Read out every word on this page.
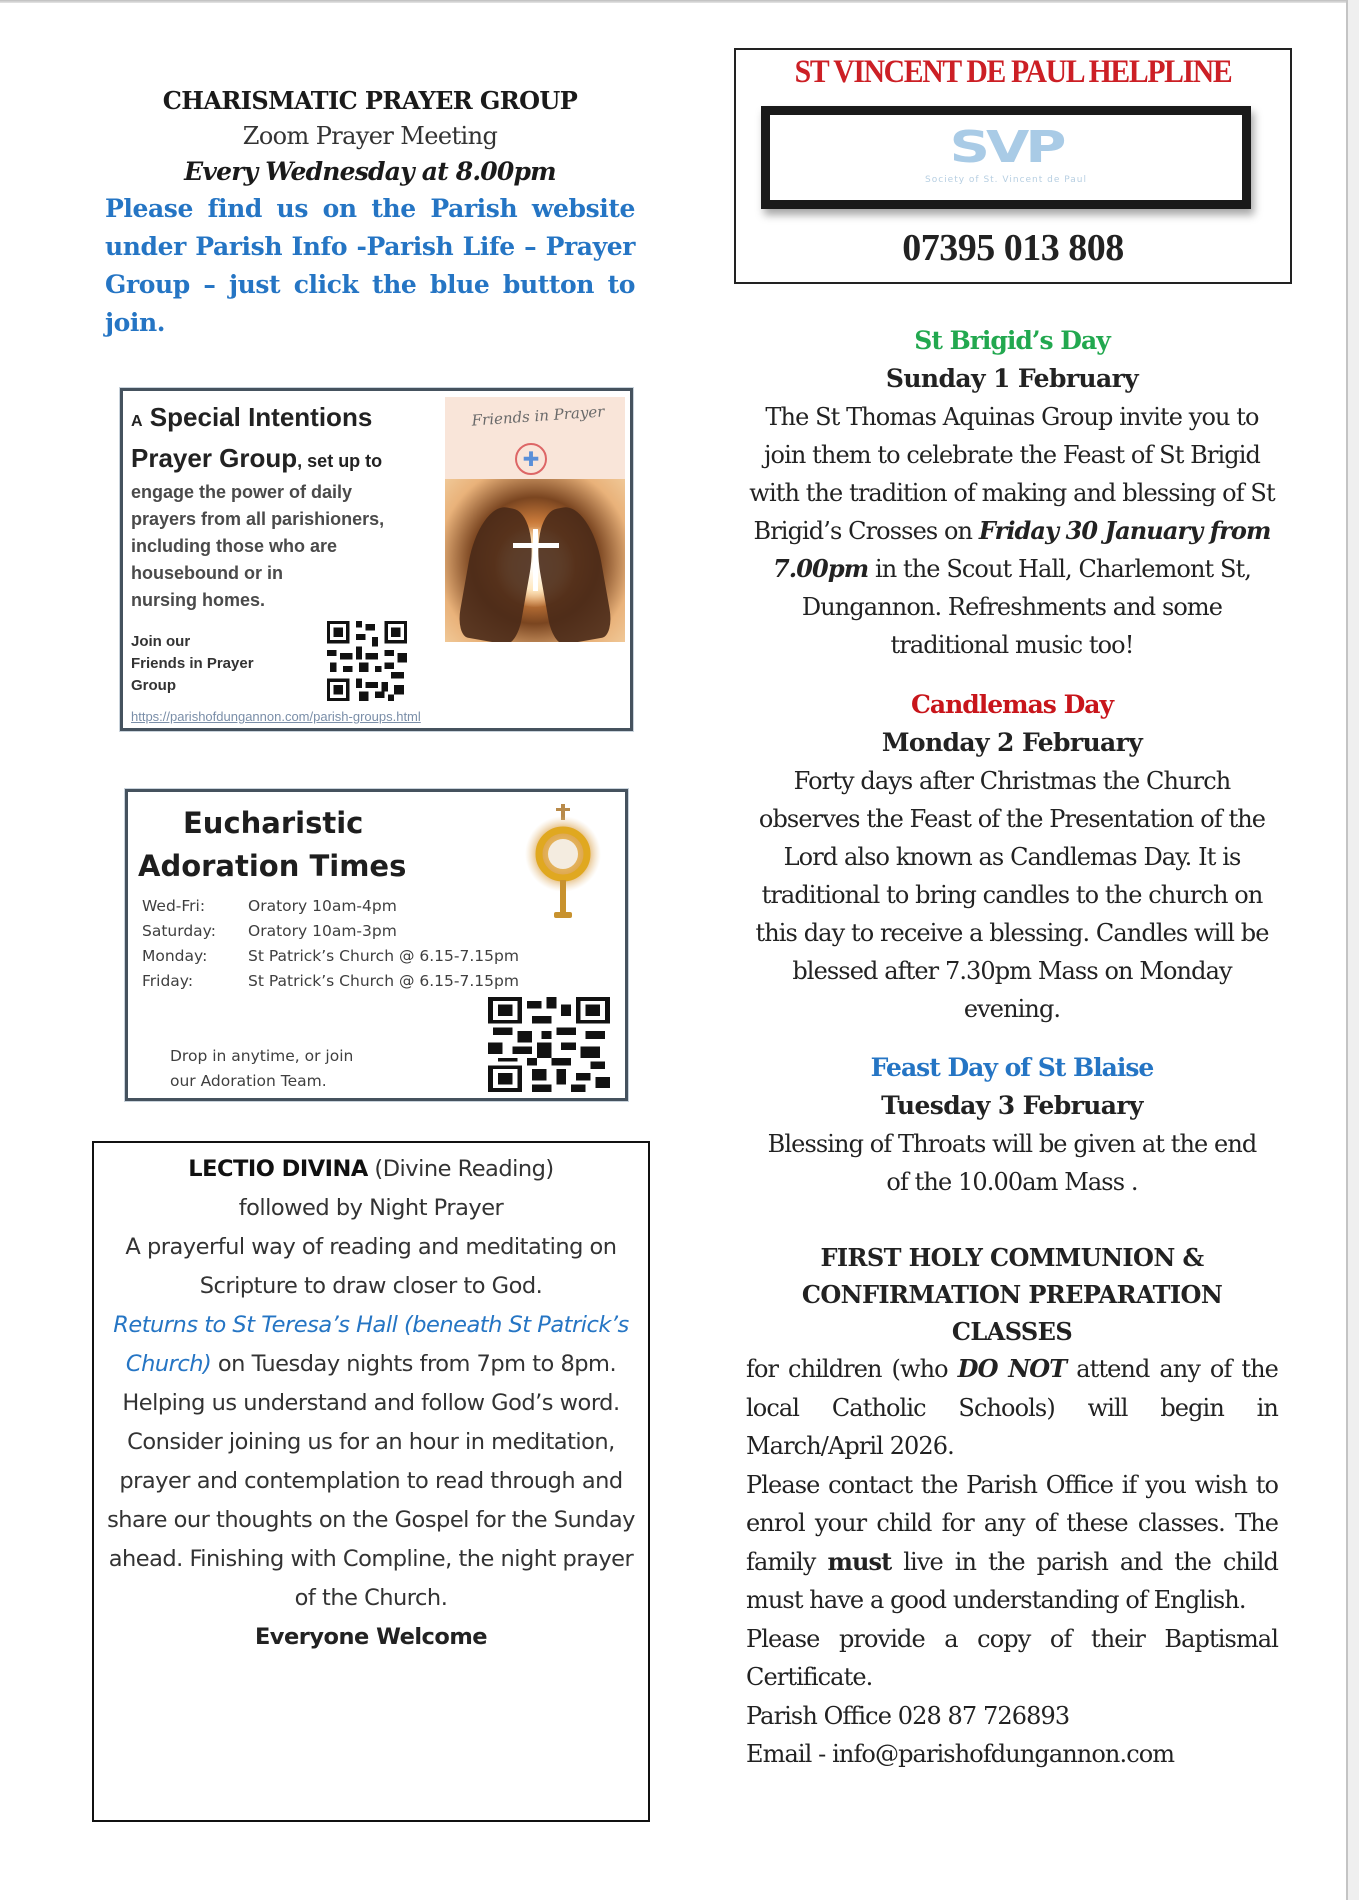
CHARISMATIC PRAYER GROUP
Zoom Prayer Meeting
Every Wednesday at 8.00pm
Please find us on the Parish website under Parish Info -Parish Life – Prayer Group – just click the blue button to join.
A Special Intentions
Prayer Group, set up to
engage the power of daily
prayers from all parishioners,
including those who are
housebound or in
nursing homes.
Join our
Friends in Prayer
Group
https://parishofdungannon.com/parish-groups.html
Friends in Prayer
✚
Eucharistic
Adoration Times
Wed-Fri:	Oratory 10am-4pm
Saturday:	Oratory 10am-3pm
Monday:	St Patrick’s Church @ 6.15-7.15pm
Friday:	St Patrick’s Church @ 6.15-7.15pm
Drop in anytime, or join
our Adoration Team.
LECTIO DIVINA (Divine Reading)
followed by Night Prayer
A prayerful way of reading and meditating on Scripture to draw closer to God.
Returns to St Teresa’s Hall (beneath St Patrick’s Church) on Tuesday nights from 7pm to 8pm.
Helping us understand and follow God’s word.
Consider joining us for an hour in meditation, prayer and contemplation to read through and share our thoughts on the Gospel for the Sunday ahead. Finishing with Compline, the night prayer of the Church.
Everyone Welcome
ST VINCENT DE PAUL HELPLINE
SVP
Society of St. Vincent de Paul
07395 013 808
St Brigid’s Day
Sunday 1 February
The St Thomas Aquinas Group invite you to join them to celebrate the Feast of St Brigid with the tradition of making and blessing of St Brigid’s Crosses on Friday 30 January from 7.00pm in the Scout Hall, Charlemont St, Dungannon. Refreshments and some traditional music too!
Candlemas Day
Monday 2 February
Forty days after Christmas the Church observes the Feast of the Presentation of the Lord also known as Candlemas Day. It is traditional to bring candles to the church on this day to receive a blessing. Candles will be blessed after 7.30pm Mass on Monday evening.
Feast Day of St Blaise
Tuesday 3 February
Blessing of Throats will be given at the end of the 10.00am Mass .
FIRST HOLY COMMUNION & CONFIRMATION PREPARATION CLASSES

for children (who DO NOT attend any of the local Catholic Schools) will begin in March/April 2026.

Please contact the Parish Office if you wish to enrol your child for any of these classes. The family must live in the parish and the child must have a good understanding of English.

Please provide a copy of their Baptismal Certificate.

Parish Office 028 87 726893

Email - info@parishofdungannon.com
